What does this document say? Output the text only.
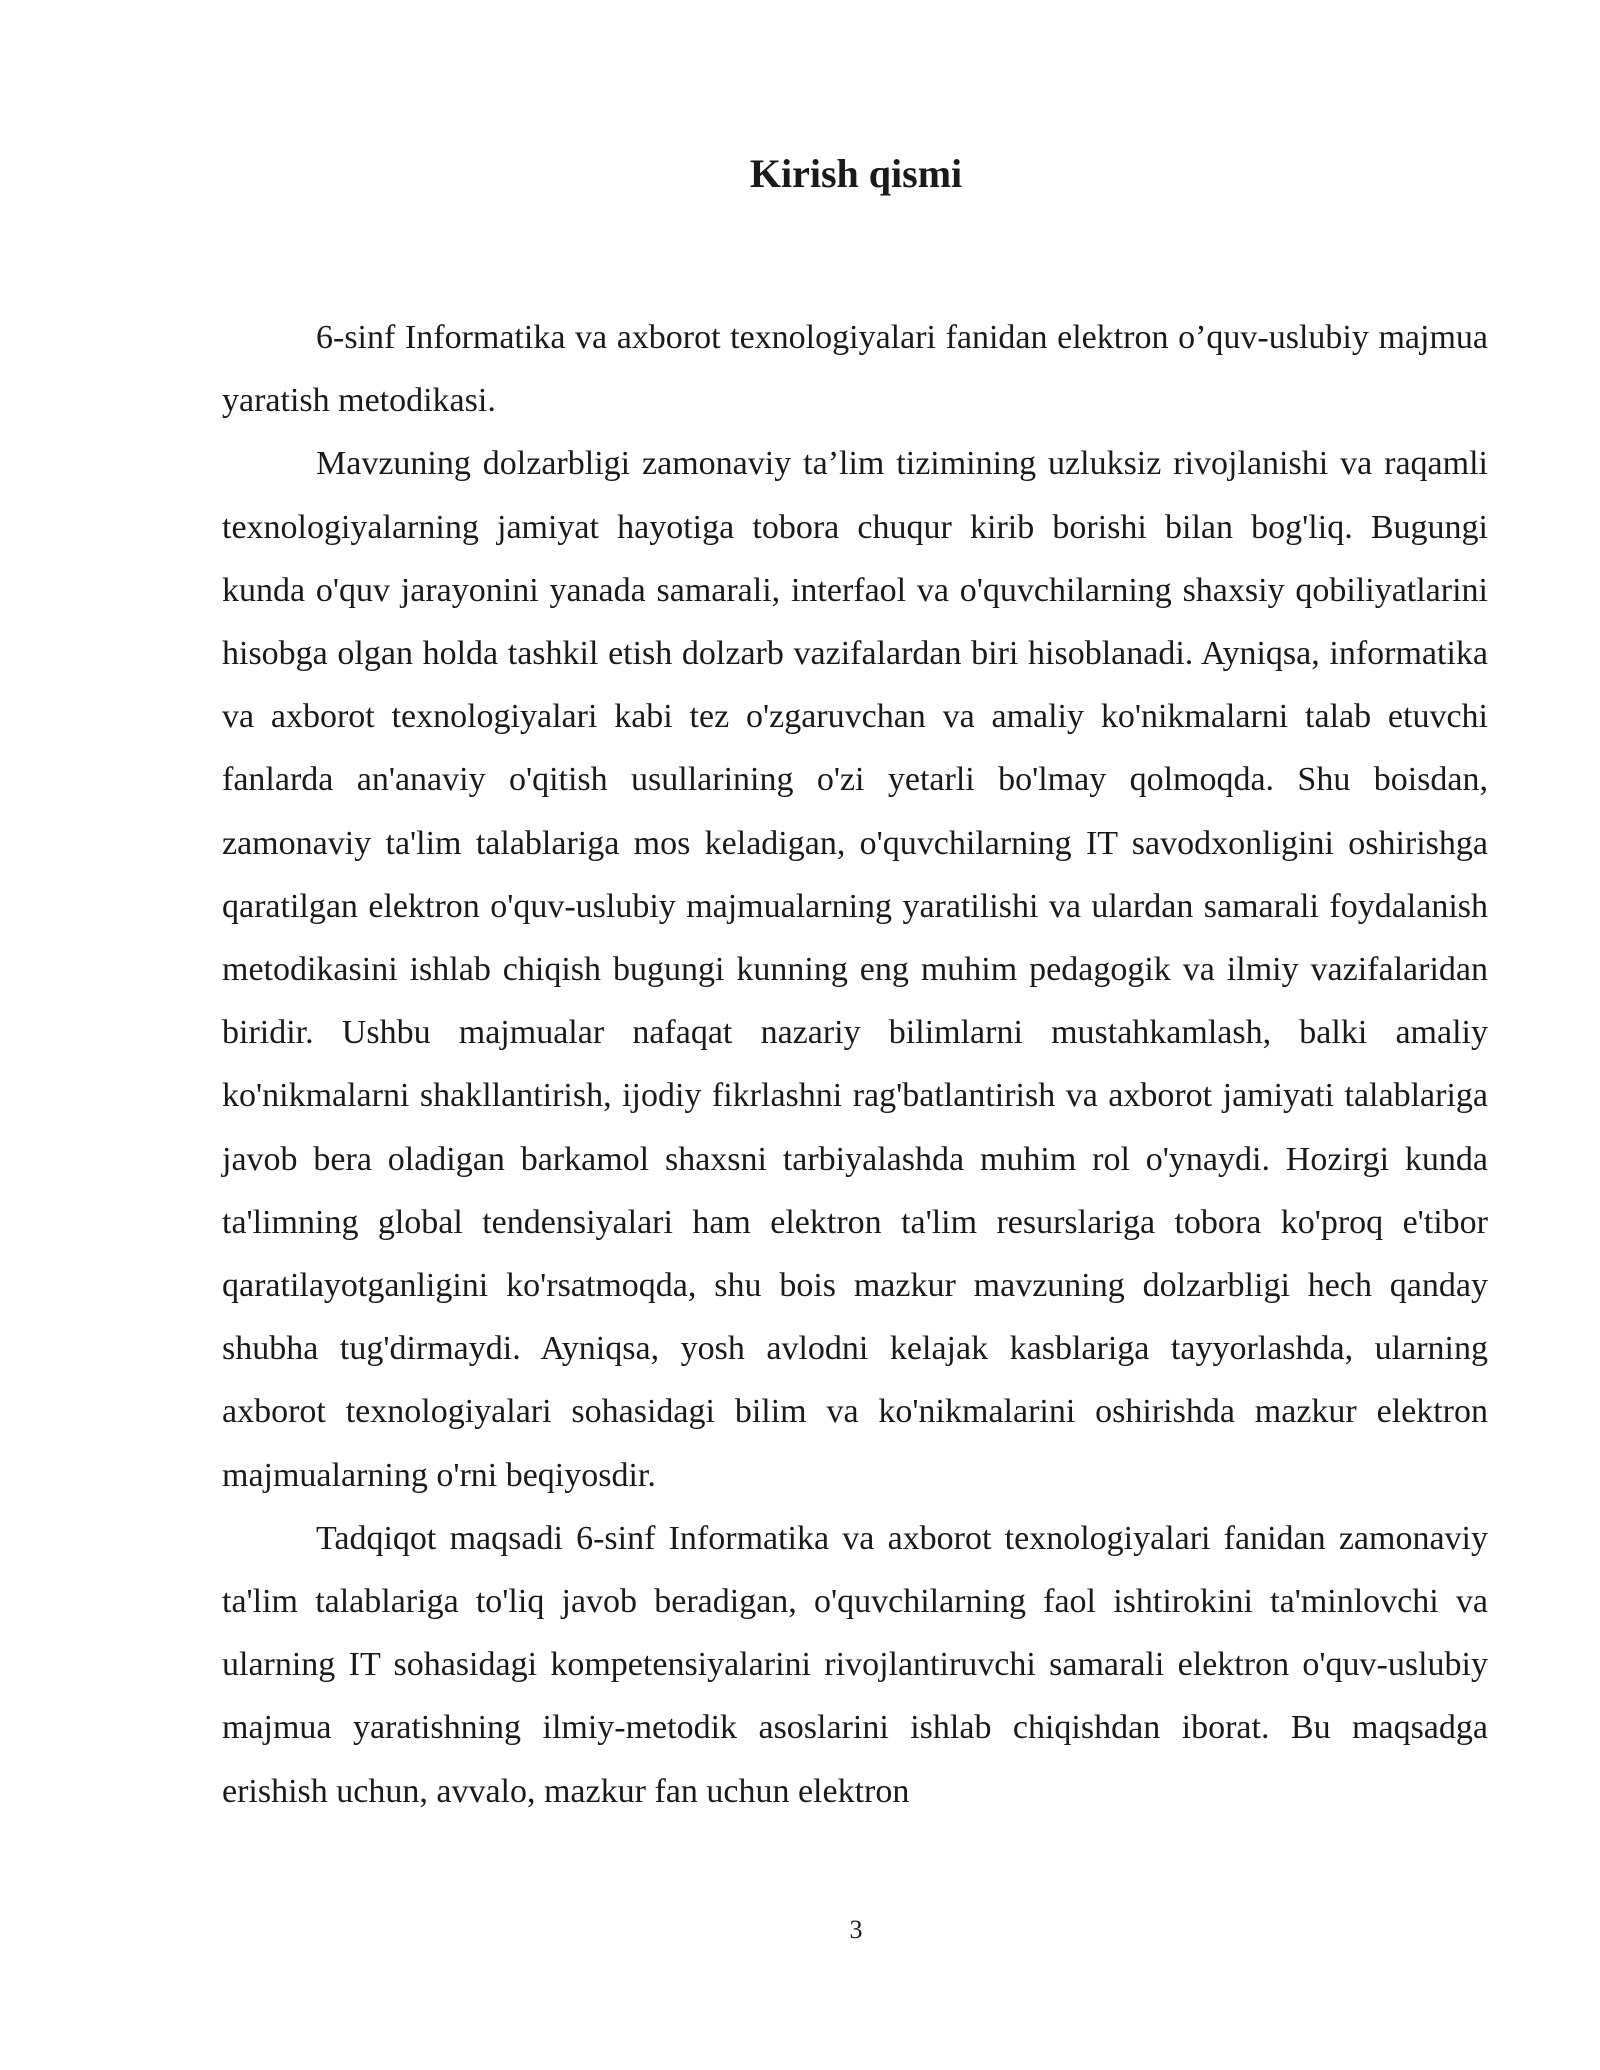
Kirish qismi

6-sinf Informatika va axborot texnologiyalari fanidan elektron o’quv-uslubiy majmua yaratish metodikasi.

Mavzuning dolzarbligi zamonaviy ta’lim tizimining uzluksiz rivojlanishi va raqamli texnologiyalarning jamiyat hayotiga tobora chuqur kirib borishi bilan bog'liq. Bugungi kunda o'quv jarayonini yanada samarali, interfaol va o'quvchilarning shaxsiy qobiliyatlarini hisobga olgan holda tashkil etish dolzarb vazifalardan biri hisoblanadi. Ayniqsa, informatika va axborot texnologiyalari kabi tez o'zgaruvchan va amaliy ko'nikmalarni talab etuvchi fanlarda an'anaviy o'qitish usullarining o'zi yetarli bo'lmay qolmoqda. Shu boisdan, zamonaviy ta'lim talablariga mos keladigan, o'quvchilarning IT savodxonligini oshirishga qaratilgan elektron o'quv-uslubiy majmualarning yaratilishi va ulardan samarali foydalanish metodikasini ishlab chiqish bugungi kunning eng muhim pedagogik va ilmiy vazifalaridan biridir. Ushbu majmualar nafaqat nazariy bilimlarni mustahkamlash, balki amaliy ko'nikmalarni shakllantirish, ijodiy fikrlashni rag'batlantirish va axborot jamiyati talablariga javob bera oladigan barkamol shaxsni tarbiyalashda muhim rol o'ynaydi. Hozirgi kunda ta'limning global tendensiyalari ham elektron ta'lim resurslariga tobora ko'proq e'tibor qaratilayotganligini ko'rsatmoqda, shu bois mazkur mavzuning dolzarbligi hech qanday shubha tug'dirmaydi. Ayniqsa, yosh avlodni kelajak kasblariga tayyorlashda, ularning axborot texnologiyalari sohasidagi bilim va ko'nikmalarini oshirishda mazkur elektron majmualarning o'rni beqiyosdir.

Tadqiqot maqsadi 6-sinf Informatika va axborot texnologiyalari fanidan zamonaviy ta'lim talablariga to'liq javob beradigan, o'quvchilarning faol ishtirokini ta'minlovchi va ularning IT sohasidagi kompetensiyalarini rivojlantiruvchi samarali elektron o'quv-uslubiy majmua yaratishning ilmiy-metodik asoslarini ishlab chiqishdan iborat. Bu maqsadga erishish uchun, avvalo, mazkur fan uchun elektron

3
